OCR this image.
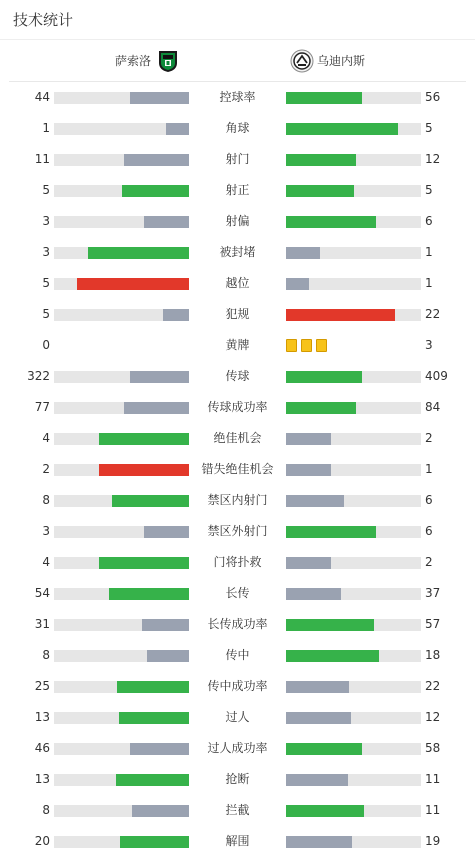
技术统计
萨索洛	乌迪内斯
44	控球率	56
1	角球	5
11	射门	12
5	射正	5
3	射偏	6
3	被封堵	1
5	越位	1
5	犯规	22
0	黄牌	3
322	传球	409
77	传球成功率	84
4	绝佳机会	2
2	错失绝佳机会	1
8	禁区内射门	6
3	禁区外射门	6
4	门将扑救	2
54	长传	37
31	长传成功率	57
8	传中	18
25	传中成功率	22
13	过人	12
46	过人成功率	58
13	抢断	11
8	拦截	11
20	解围	19
